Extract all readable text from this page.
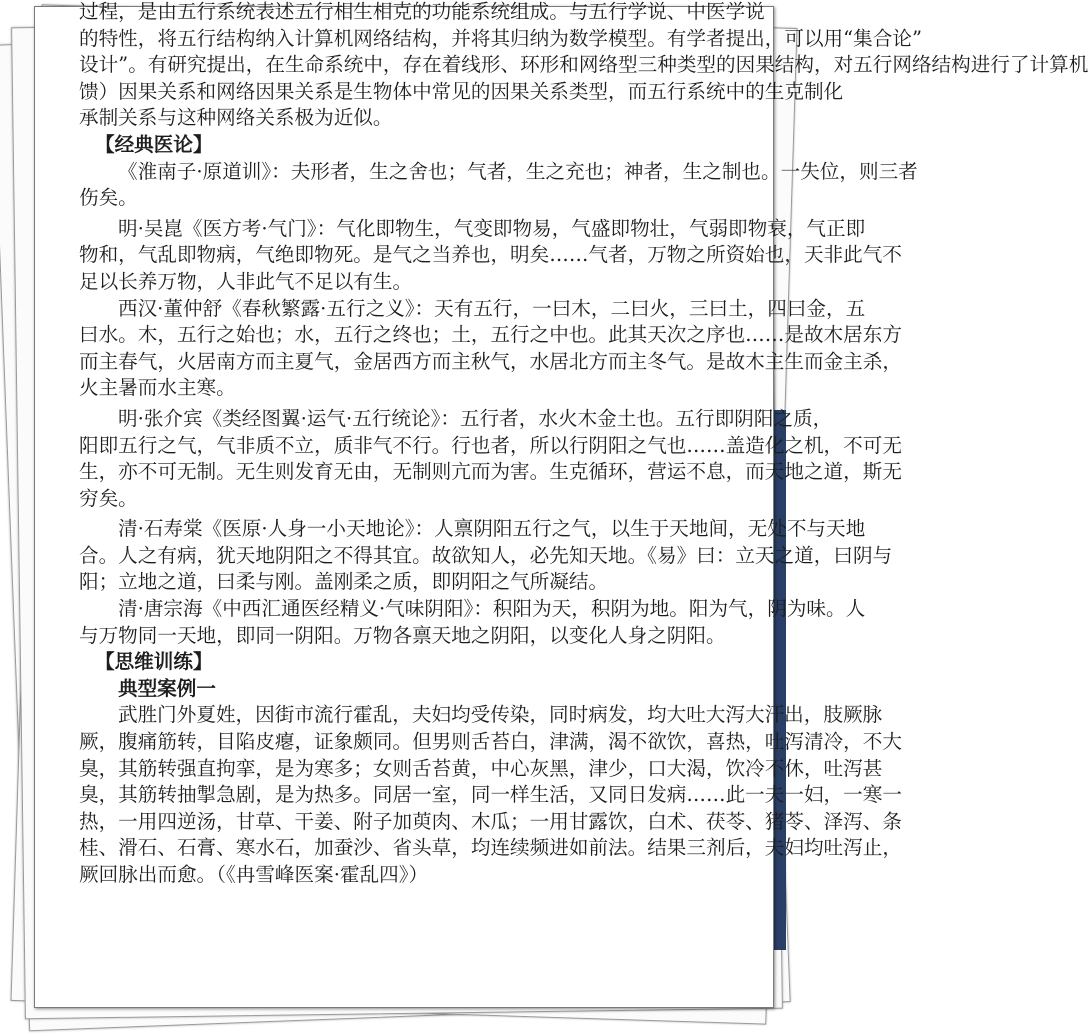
过程，是由五行系统表述五行相生相克的功能系统组成。与五行学说、中医学说
的特性，将五行结构纳入计算机网络结构，并将其归纳为数学模型。有学者提出，可以用“集合论”
设计”。有研究提出，在生命系统中，存在着线形、环形和网络型三种类型的因果结构，对五行网络结构进行了计算机
馈）因果关系和网络因果关系是生物体中常见的因果关系类型，而五行系统中的生克制化
承制关系与这种网络关系极为近似。
【经典医论】
《淮南子·原道训》：夫形者，生之舍也；气者，生之充也；神者，生之制也。一失位，则三者
伤矣。
明·吴崑《医方考·气门》：气化即物生，气变即物易，气盛即物壮，气弱即物衰，气正即
物和，气乱即物病，气绝即物死。是气之当养也，明矣……气者，万物之所资始也，天非此气不
足以长养万物，人非此气不足以有生。
西汉·董仲舒《春秋繁露·五行之义》：天有五行，一曰木，二曰火，三曰土，四曰金，五
曰水。木，五行之始也；水，五行之终也；土，五行之中也。此其天次之序也……是故木居东方
而主春气，火居南方而主夏气，金居西方而主秋气，水居北方而主冬气。是故木主生而金主杀，
火主暑而水主寒。
明·张介宾《类经图翼·运气·五行统论》：五行者，水火木金土也。五行即阴阳之质，
阳即五行之气，气非质不立，质非气不行。行也者，所以行阴阳之气也……盖造化之机，不可无
生，亦不可无制。无生则发育无由，无制则亢而为害。生克循环，营运不息，而天地之道，斯无
穷矣。
清·石寿棠《医原·人身一小天地论》：人禀阴阳五行之气，以生于天地间，无处不与天地
合。人之有病，犹天地阴阳之不得其宜。故欲知人，必先知天地。《易》曰：立天之道，曰阴与
阳；立地之道，曰柔与刚。盖刚柔之质，即阴阳之气所凝结。
清·唐宗海《中西汇通医经精义·气味阴阳》：积阳为天，积阴为地。阳为气，阴为味。人
与万物同一天地，即同一阴阳。万物各禀天地之阴阳，以变化人身之阴阳。
【思维训练】
典型案例一
武胜门外夏姓，因街市流行霍乱，夫妇均受传染，同时病发，均大吐大泻大汗出，肢厥脉
厥，腹痛筋转，目陷皮瘪，证象颇同。但男则舌苔白，津满，渴不欲饮，喜热，吐泻清冷，不大
臭，其筋转强直拘挛，是为寒多；女则舌苔黄，中心灰黑，津少，口大渴，饮冷不休，吐泻甚
臭，其筋转抽掣急剧，是为热多。同居一室，同一样生活，又同日发病……此一夫一妇，一寒一
热，一用四逆汤，甘草、干姜、附子加萸肉、木瓜；一用甘露饮，白术、茯苓、猪苓、泽泻、条
桂、滑石、石膏、寒水石，加蚕沙、省头草，均连续频进如前法。结果三剂后，夫妇均吐泻止，
厥回脉出而愈。（《冉雪峰医案·霍乱四》）
